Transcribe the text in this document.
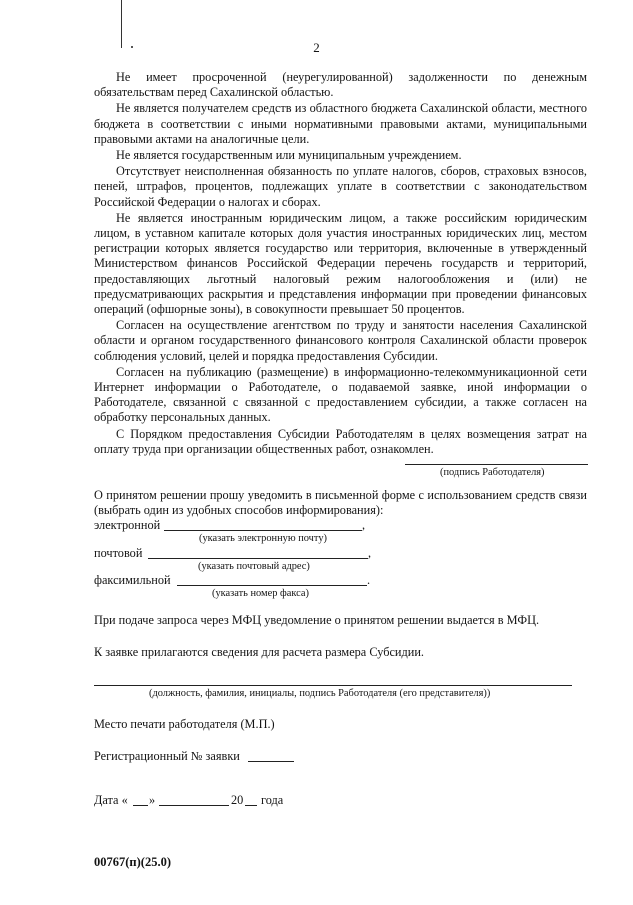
2

Не имеет просроченной (неурегулированной) задолженности по денежным обязательствам перед Сахалинской областью.

Не является получателем средств из областного бюджета Сахалинской области, местного бюджета в соответствии с иными нормативными правовыми актами, муниципальными правовыми актами на аналогичные цели.

Не является государственным или муниципальным учреждением.

Отсутствует неисполненная обязанность по уплате налогов, сборов, страховых взносов, пеней, штрафов, процентов, подлежащих уплате в соответствии с законодательством Российской Федерации о налогах и сборах.

Не является иностранным юридическим лицом, а также российским юридическим лицом, в уставном капитале которых доля участия иностранных юридических лиц, местом регистрации которых является государство или территория, включенные в утвержденный Министерством финансов Российской Федерации перечень государств и территорий, предоставляющих льготный налоговый режим налогообложения и (или) не предусматривающих раскрытия и представления информации при проведении финансовых операций (офшорные зоны), в совокупности превышает 50 процентов.

Согласен на осуществление агентством по труду и занятости населения Сахалинской области и органом государственного финансового контроля Сахалинской области проверок соблюдения условий, целей и порядка предоставления Субсидии.

Согласен на публикацию (размещение) в информационно-телекоммуникационной сети Интернет информации о Работодателе, о подаваемой заявке, иной информации о Работодателе, связанной с связанной с предоставлением субсидии, а также согласен на обработку персональных данных.

С Порядком предоставления Субсидии Работодателям в целях возмещения затрат на оплату труда при организации общественных работ, ознакомлен.

(подпись Работодателя)
О принятом решении прошу уведомить в письменной форме с использованием средств связи (выбрать один из удобных способов информирования):
электронной	,
(указать электронную почту)
почтовой	,
(указать почтовый адрес)
факсимильной	.
(указать номер факса)
При подаче запроса через МФЦ уведомление о принятом решении выдается в МФЦ.
К заявке прилагаются сведения для расчета размера Субсидии.
(должность, фамилия, инициалы, подпись Работодателя (его представителя))
Место печати работодателя (М.П.)
Регистрационный № заявки
Дата « »	20 года
00767(п)(25.0)
